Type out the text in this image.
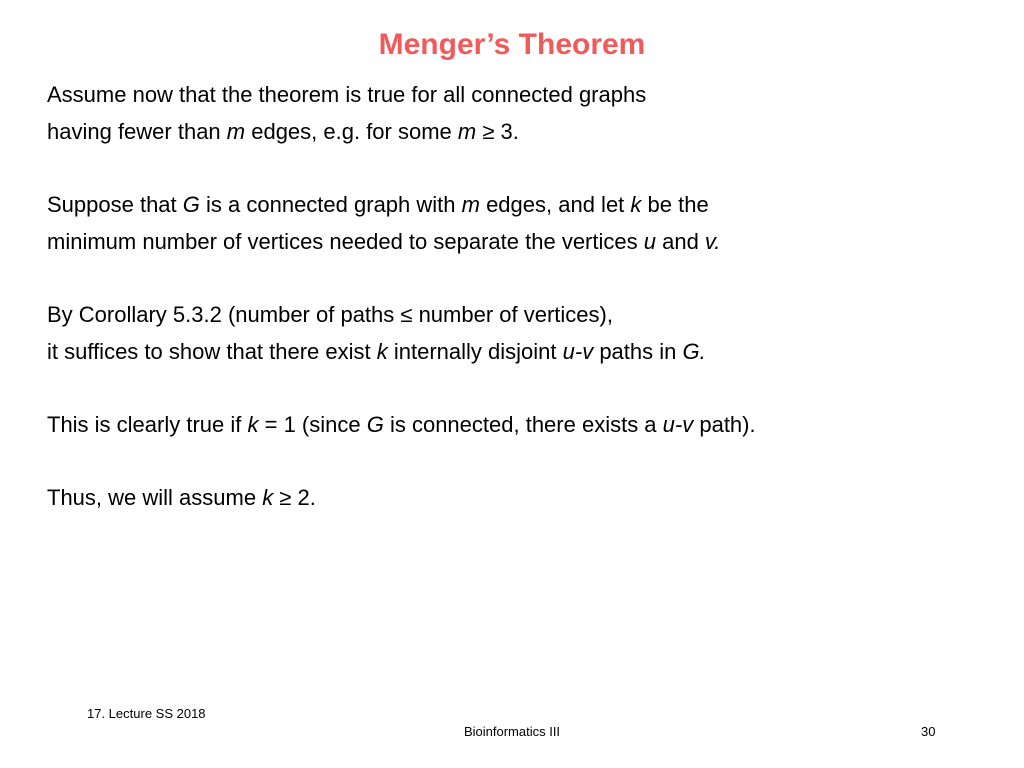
Menger’s Theorem

Assume now that the theorem is true for all connected graphs
having fewer than m edges, e.g. for some m ≥ 3.

Suppose that G is a connected graph with m edges, and let k be the
minimum number of vertices needed to separate the vertices u and v.

By Corollary 5.3.2 (number of paths ≤ number of vertices),
it suffices to show that there exist k internally disjoint u-v paths in G.

This is clearly true if k = 1 (since G is connected, there exists a u-v path).

Thus, we will assume k ≥ 2.

17. Lecture SS 2018
Bioinformatics III	30
